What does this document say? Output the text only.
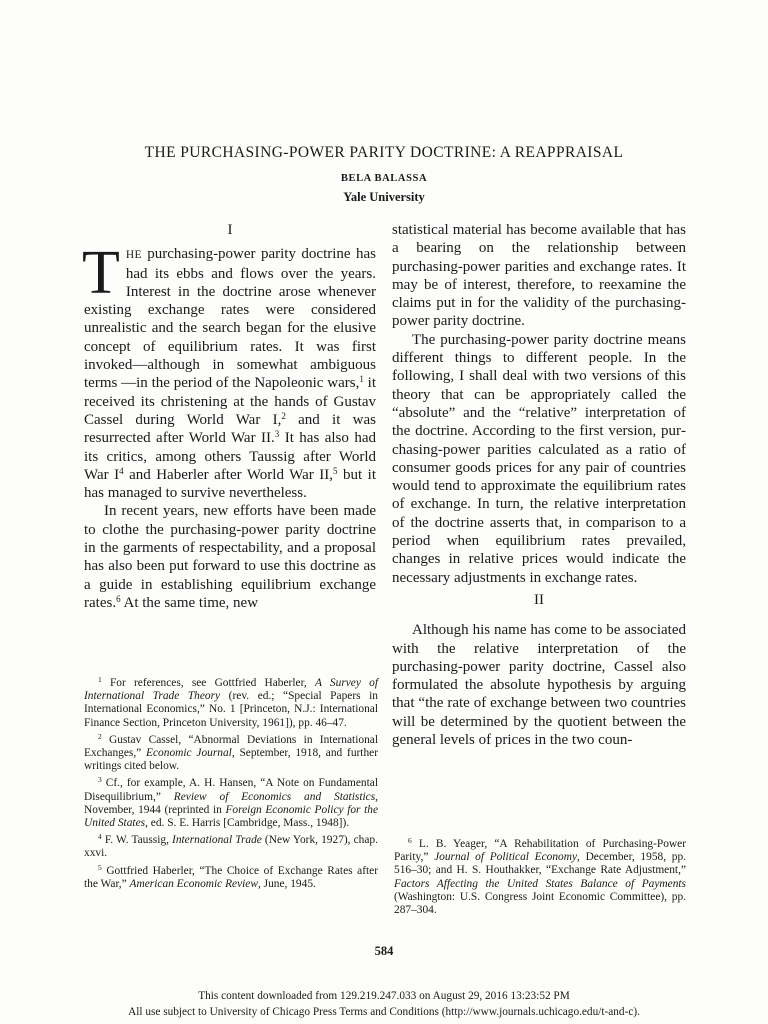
THE PURCHASING-POWER PARITY DOCTRINE: A REAPPRAISAL
BELA BALASSA
Yale University
I

THE purchasing-power parity doctrine has had its ebbs and flows over the years. Interest in the doctrine arose whenever existing exchange rates were considered unrealistic and the search began for the elusive concept of equilibrium rates. It was first invoked—although in somewhat ambiguous terms —in the period of the Napoleonic wars,$^1$ it received its christening at the hands of Gustav Cassel during World War I,$^2$ and it was resurrected after World War II.$^3$ It has also had its critics, among others Taussig after World War $I^4$ and Haberler after World War II,$^5$ but it has managed to survive nevertheless.

In recent years, new efforts have been made to clothe the purchasing-power parity doctrine in the garments of respectability, and a proposal has also been put forward to use this doctrine as a guide in establishing equilibrium exchange rates.$^6$ At the same time, new

statistical material has become available that has a bearing on the relationship between purchasing-power parities and exchange rates. It may be of interest, therefore, to reexamine the claims put in for the validity of the purchasing-power parity doctrine.

The purchasing-power parity doctrine means different things to different people. In the following, I shall deal with two versions of this theory that can be appropriately called the “absolute” and the “relative” interpretation of the doctrine. According to the first version, purchasing-power parities calculated as a ratio of consumer goods prices for any pair of countries would tend to approximate the equilibrium rates of exchange. In turn, the relative interpretation of the doctrine asserts that, in comparison to a period when equilibrium rates prevailed, changes in relative prices would indicate the necessary adjustments in exchange rates.

II

Although his name has come to be associated with the relative interpretation of the purchasing-power parity doctrine, Cassel also formulated the absolute hypothesis by arguing that “the rate of exchange between two countries will be determined by the quotient between the general levels of prices in the two coun-

$^1$ For references, see Gottfried Haberler, A Survey of International Trade Theory (rev. ed.; “Special Papers in International Economics,” No. 1 [Princeton, N.J.: International Finance Section, Princeton University, 1961]), pp. 46–47.

$^2$ Gustav Cassel, “Abnormal Deviations in International Exchanges,” Economic Journal, September, 1918, and further writings cited below.

$^3$ Cf., for example, A. H. Hansen, “A Note on Fundamental Disequilibrium,” Review of Economics and Statistics, November, 1944 (reprinted in Foreign Economic Policy for the United States, ed. S. E. Harris [Cambridge, Mass., 1948]).

$^4$ F. W. Taussig, International Trade (New York, 1927), chap. xxvi.

$^5$ Gottfried Haberler, “The Choice of Exchange Rates after the War,” American Economic Review, June, 1945.

$^6$ L. B. Yeager, “A Rehabilitation of Purchasing-Power Parity,” Journal of Political Economy, December, 1958, pp. 516–30; and H. S. Houthakker, “Exchange Rate Adjustment,” Factors Affecting the United States Balance of Payments (Washington: U.S. Congress Joint Economic Committee), pp. 287–304.

584
This content downloaded from 129.219.247.033 on August 29, 2016 13:23:52 PM
All use subject to University of Chicago Press Terms and Conditions (http://www.journals.uchicago.edu/t-and-c).
